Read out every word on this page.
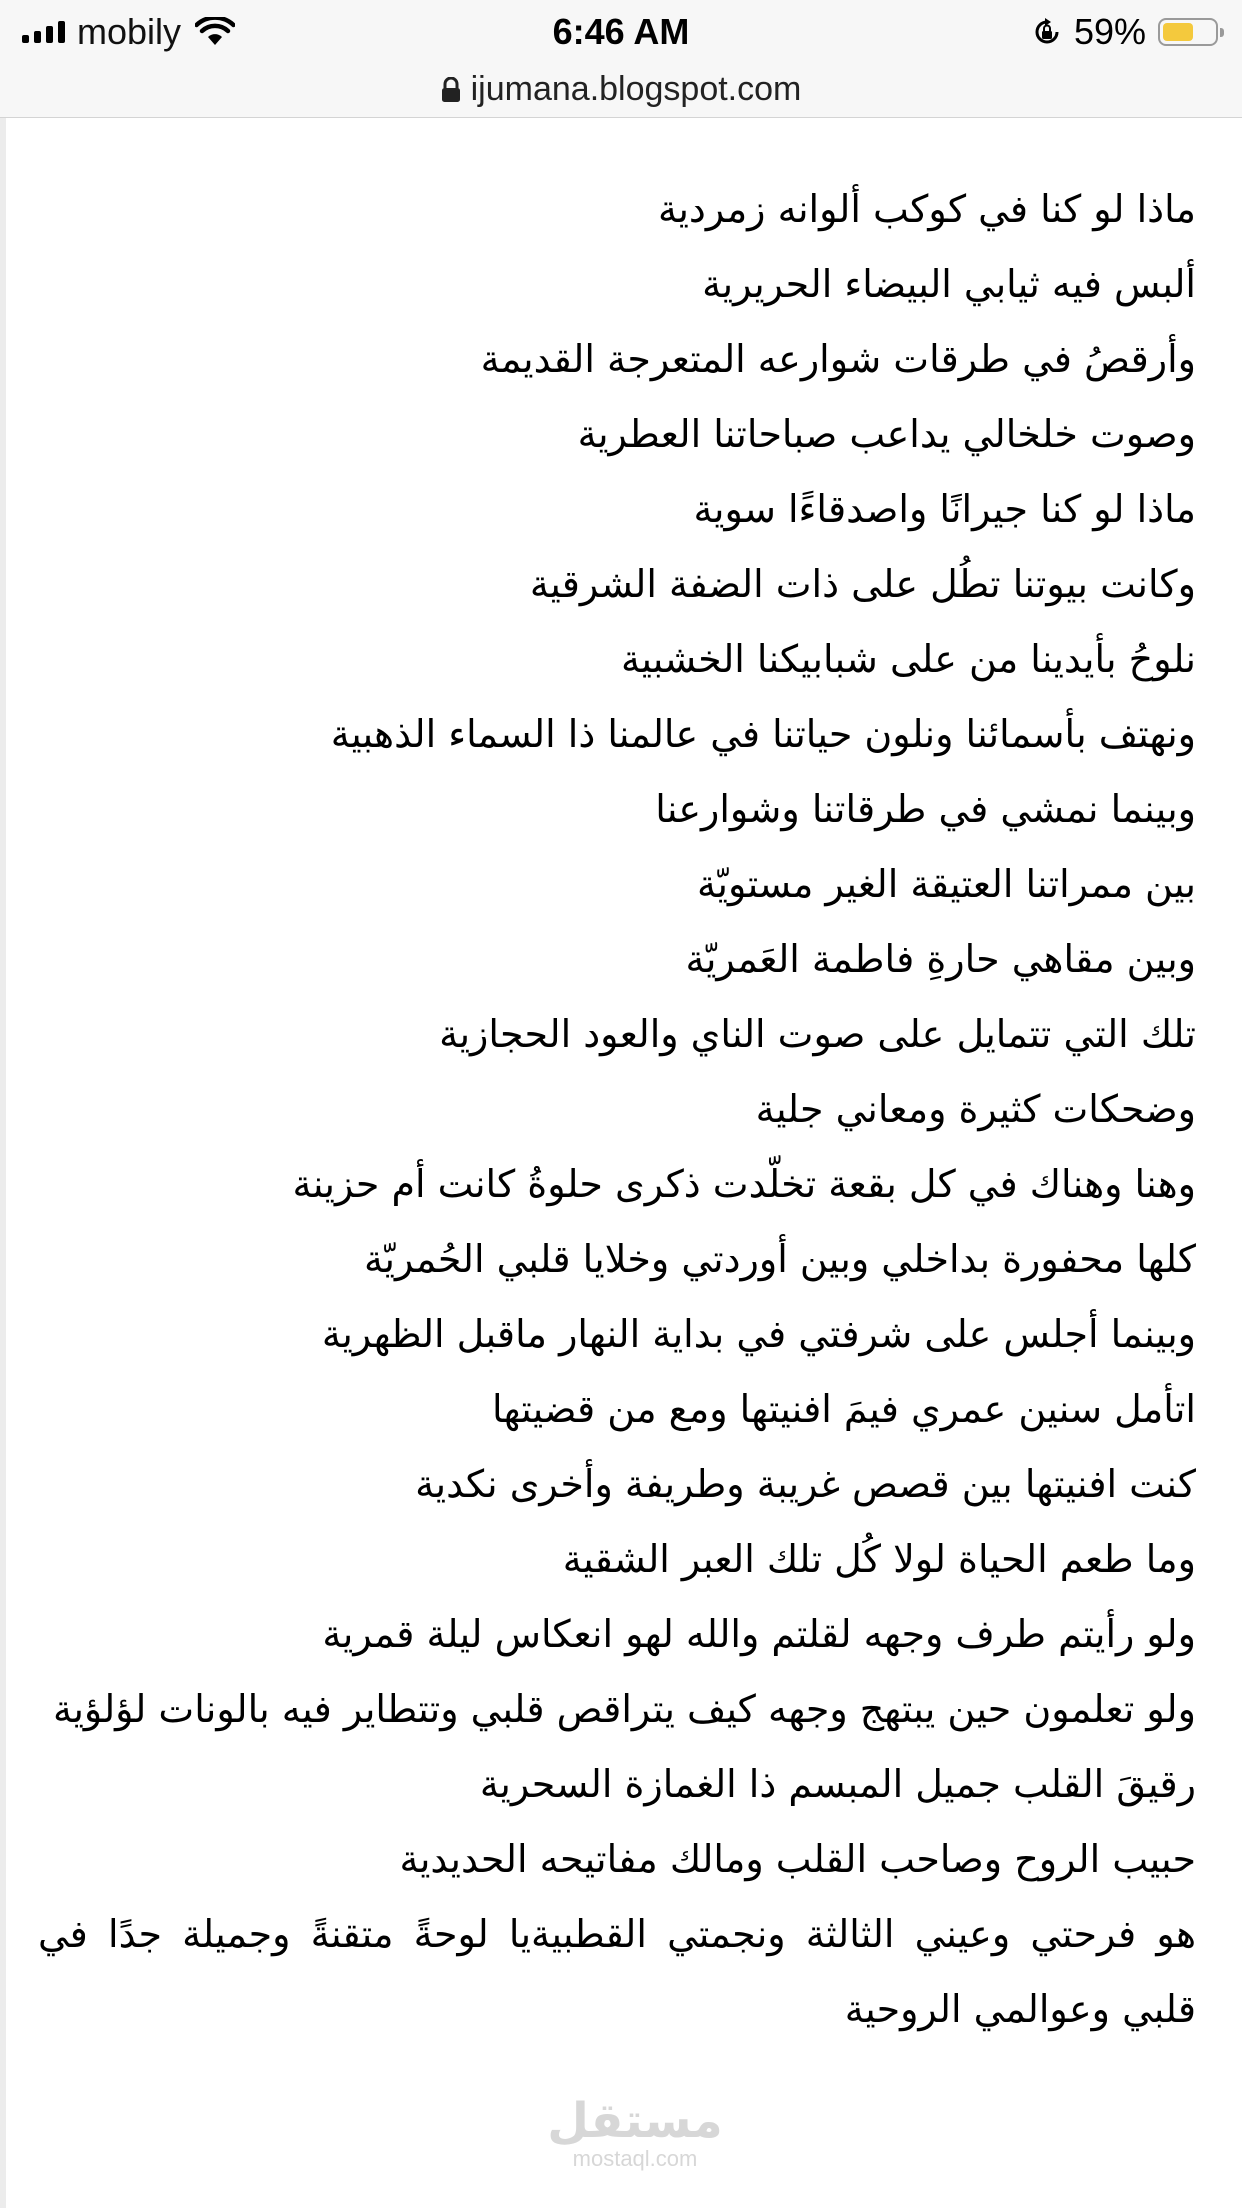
mobily	6:46 AM	59%
ijumana.blogspot.com
ماذا لو كنا في كوكب ألوانه زمردية
ألبس فيه ثيابي البيضاء الحريرية
وأرقصُ في طرقات شوارعه المتعرجة القديمة
وصوت خلخالي يداعب صباحاتنا العطرية
ماذا لو كنا جيرانًا واصدقاءًا سوية
وكانت بيوتنا تطُل على ذات الضفة الشرقية
نلوحُ بأيدينا من على شبابيكنا الخشبية
ونهتف بأسمائنا ونلون حياتنا في عالمنا ذا السماء الذهبية
وبينما نمشي في طرقاتنا وشوارعنا
بين ممراتنا العتيقة الغير مستويّة
وبين مقاهي حارةِ فاطمة العَمريّة
تلك التي تتمايل على صوت الناي والعود الحجازية
وضحكات كثيرة ومعاني جلية
وهنا وهناك في كل بقعة تخلّدت ذكرى حلوةُ كانت أم حزينة
كلها محفورة بداخلي وبين أوردتي وخلايا قلبي الحُمريّة
وبينما أجلس على شرفتي في بداية النهار ماقبل الظهرية
اتأمل سنين عمري فيمَ افنيتها ومع من قضيتها
كنت افنيتها بين قصص غريبة وطريفة وأخرى نكدية
وما طعم الحياة لولا كُل تلك العبر الشقية
ولو رأيتم طرف وجهه لقلتم والله لهو انعكاس ليلة قمرية
ولو تعلمون حين يبتهج وجهه كيف يتراقص قلبي وتتطاير فيه بالونات لؤلؤية
رقيقَ القلب جميل المبسم ذا الغمازة السحرية
حبيب الروح وصاحب القلب ومالك مفاتيحه الحديدية
هو فرحتي وعيني الثالثة ونجمتي القطبيةيا لوحةً متقنةً وجميلة جدًا في قلبي وعوالمي الروحية
مستقل
mostaql.com
